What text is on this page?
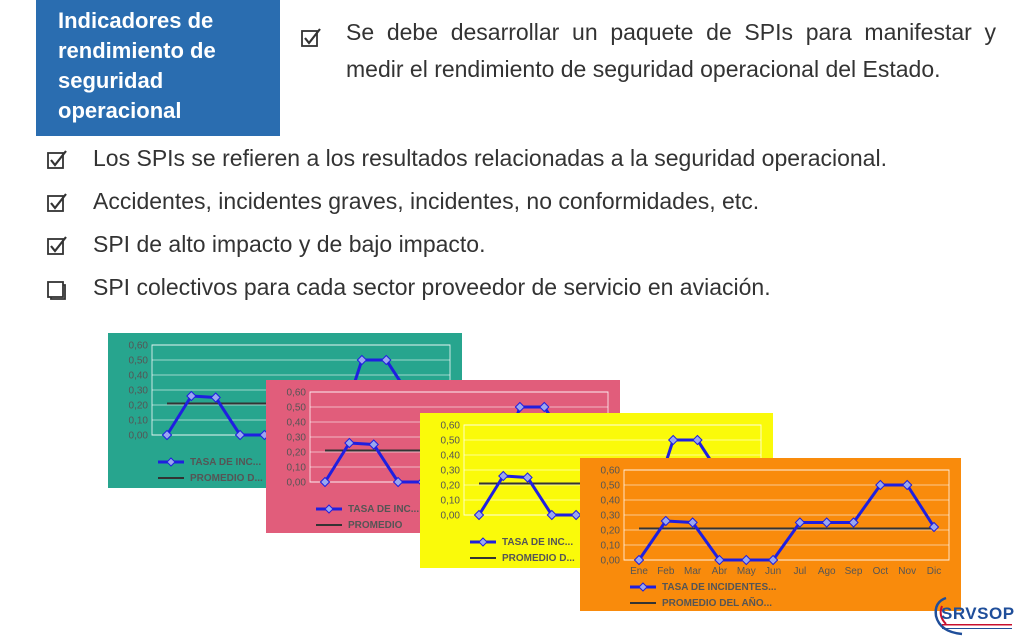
Indicadores de rendimiento de seguridad operacional
Se debe desarrollar un paquete de SPIs para manifestar y medir el rendimiento de seguridad operacional del Estado.
Los SPIs se refieren a los resultados relacionadas a la seguridad operacional.
Accidentes, incidentes graves, incidentes, no conformidades, etc.
SPI de alto impacto y de bajo impacto.
SPI colectivos para cada sector proveedor de servicio en aviación.
0,60
0,50
0,40
0,30
0,20
0,10
0,00
TASA DE INC...
PROMEDIO D...
0,60
0,50
0,40
0,30
0,20
0,10
0,00
TASA DE INC...
PROMEDIO
0,60
0,50
0,40
0,30
0,20
0,10
0,00
TASA DE INC...
PROMEDIO D...
0,60
0,50
0,40
0,30
0,20
0,10
0,00
Ene Feb Mar Abr May Jun Jul Ago Sep Oct Nov Dic
TASA DE INCIDENTES...
PROMEDIO DEL AÑO...
SRVSOP
